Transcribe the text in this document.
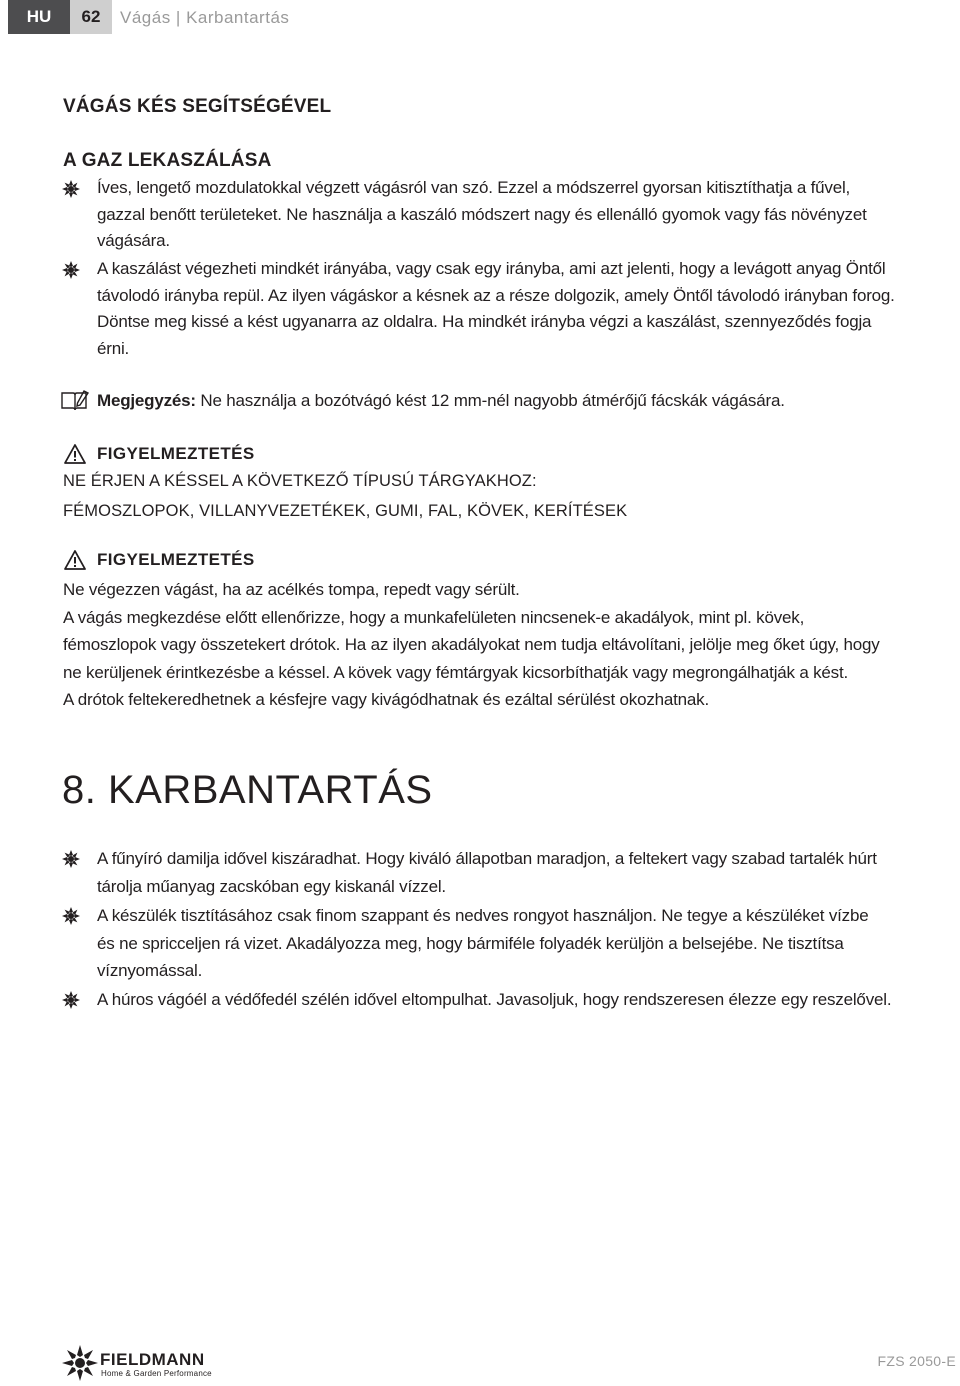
HU	62	Vágás | Karbantartás
VÁGÁS KÉS SEGÍTSÉGÉVEL
A GAZ LEKASZÁLÁSA
Íves, lengető mozdulatokkal végzett vágásról van szó. Ezzel a módszerrel gyorsan kitisztíthatja a fűvel,
gazzal benőtt területeket. Ne használja a kaszáló módszert nagy és ellenálló gyomok vagy fás növényzet
vágására.
A kaszálást végezheti mindkét irányába, vagy csak egy irányba, ami azt jelenti, hogy a levágott anyag Öntől
távolodó irányba repül. Az ilyen vágáskor a késnek az a része dolgozik, amely Öntől távolodó irányban forog.
Döntse meg kissé a kést ugyanarra az oldalra. Ha mindkét irányba végzi a kaszálást, szennyeződés fogja
érni.
Megjegyzés: Ne használja a bozótvágó kést 12 mm-nél nagyobb átmérőjű fácskák vágására.
FIGYELMEZTETÉS
NE ÉRJEN A KÉSSEL A KÖVETKEZŐ TÍPUSÚ TÁRGYAKHOZ:
FÉMOSZLOPOK, VILLANYVEZETÉKEK, GUMI, FAL, KÖVEK, KERÍTÉSEK
FIGYELMEZTETÉS
Ne végezzen vágást, ha az acélkés tompa, repedt vagy sérült.
A vágás megkezdése előtt ellenőrizze, hogy a munkafelületen nincsenek-e akadályok, mint pl. kövek,
fémoszlopok vagy összetekert drótok. Ha az ilyen akadályokat nem tudja eltávolítani, jelölje meg őket úgy, hogy
ne kerüljenek érintkezésbe a késsel. A kövek vagy fémtárgyak kicsorbíthatják vagy megrongálhatják a kést.
A drótok feltekeredhetnek a késfejre vagy kivágódhatnak és ezáltal sérülést okozhatnak.
8. KARBANTARTÁS
A fűnyíró damilja idővel kiszáradhat. Hogy kiváló állapotban maradjon, a feltekert vagy szabad tartalék húrt
tárolja műanyag zacskóban egy kiskanál vízzel.
A készülék tisztításához csak finom szappant és nedves rongyot használjon. Ne tegye a készüléket vízbe
és ne spricceljen rá vizet. Akadályozza meg, hogy bármiféle folyadék kerüljön a belsejébe. Ne tisztítsa
víznyomással.
A húros vágóél a védőfedél szélén idővel eltompulhat. Javasoljuk, hogy rendszeresen élezze egy reszelővel.
FIELDMANN
Home & Garden Performance
FZS 2050-E
